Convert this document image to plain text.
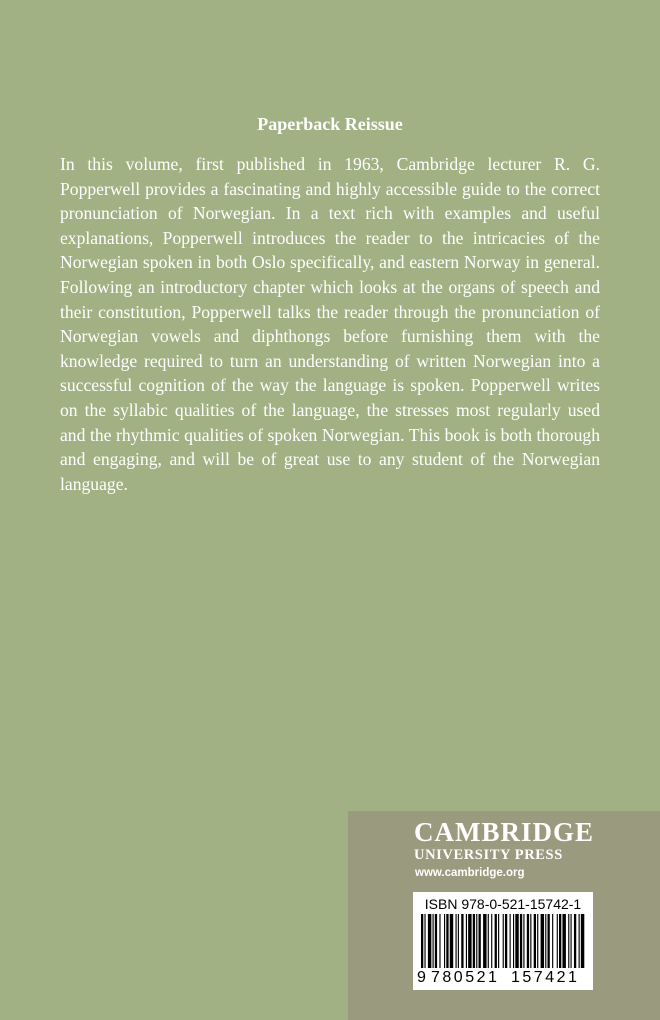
Paperback Reissue

In this volume, first published in 1963, Cambridge lecturer R. G. Popperwell provides a fascinating and highly accessible guide to the correct pronunciation of Norwegian. In a text rich with examples and useful explanations, Popperwell introduces the reader to the intricacies of the Norwegian spoken in both Oslo specifically, and eastern Norway in general. Following an introductory chapter which looks at the organs of speech and their constitution, Popperwell talks the reader through the pronunciation of Norwegian vowels and diphthongs before furnishing them with the knowledge required to turn an understanding of written Norwegian into a successful cognition of the way the language is spoken. Popperwell writes on the syllabic qualities of the language, the stresses most regularly used and the rhythmic qualities of spoken Norwegian. This book is both thorough and engaging, and will be of great use to any student of the Norwegian language.

CAMBRIDGE
UNIVERSITY PRESS
www.cambridge.org
ISBN 978-0-521-15742-1
9 780521 157421
